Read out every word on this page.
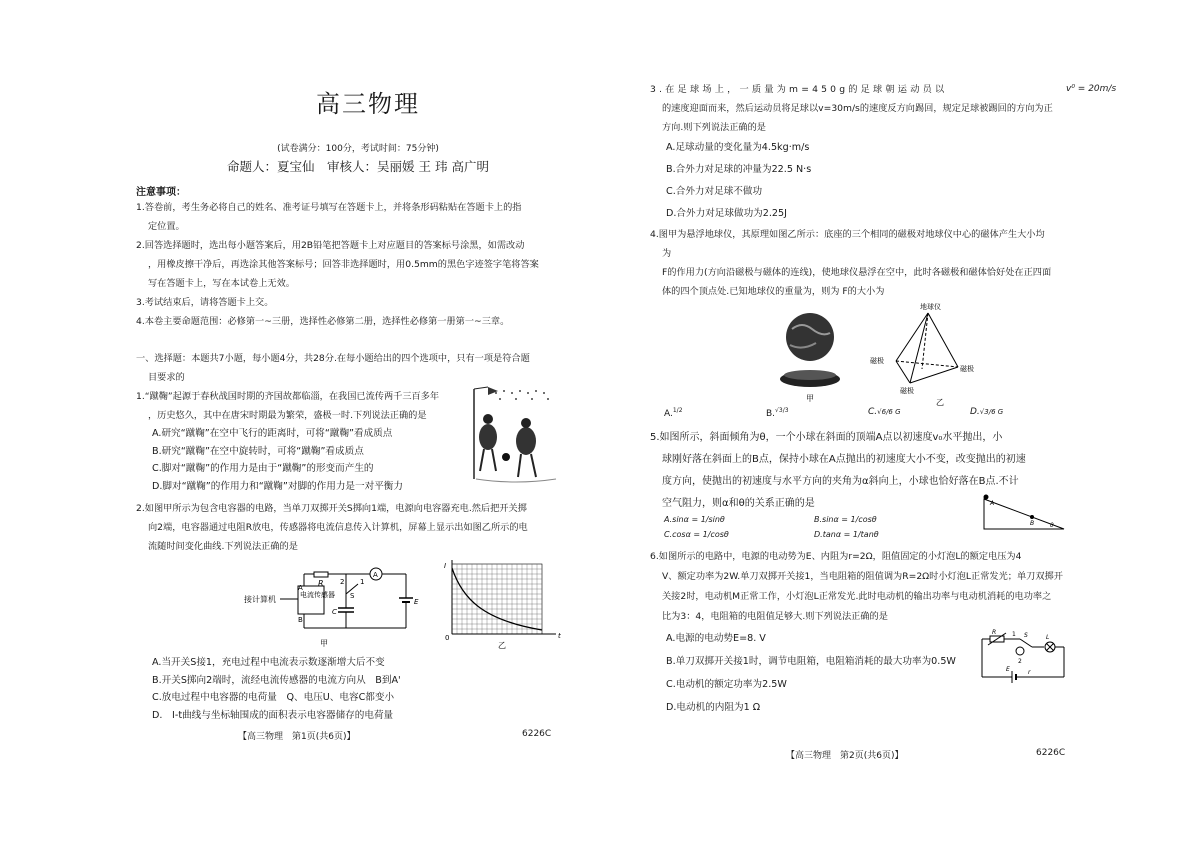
高三物理
(试卷满分：100分，考试时间：75分钟)
命题人：夏宝仙　审核人：吴丽媛 王 玮 高广明
注意事项：
1.答卷前，考生务必将自己的姓名、准考证号填写在答题卡上，并将条形码粘贴在答题卡上的指
定位置。
2.回答选择题时，选出每小题答案后，用2B铅笔把答题卡上对应题目的答案标号涂黑，如需改动
，用橡皮擦干净后，再选涂其他答案标号；回答非选择题时，用0.5mm的黑色字迹签字笔将答案
写在答题卡上，写在本试卷上无效。
3.考试结束后，请将答题卡上交。
4.本卷主要命题范围：必修第一~三册，选择性必修第二册，选择性必修第一册第一~三章。
一、选择题：本题共7小题，每小题4分，共28分.在每小题给出的四个选项中，只有一项是符合题
目要求的
1.“蹴鞠”起源于春秋战国时期的齐国故都临淄，在我国已流传两千三百多年
，历史悠久，其中在唐宋时期最为繁荣，盛极一时.下列说法正确的是
A.研究“蹴鞠”在空中飞行的距离时，可将“蹴鞠”看成质点
B.研究“蹴鞠”在空中旋转时，可将“蹴鞠”看成质点
C.脚对“蹴鞠”的作用力是由于“蹴鞠”的形变而产生的
D.脚对“蹴鞠”的作用力和“蹴鞠”对脚的作用力是一对平衡力
2.如图甲所示为包含电容器的电路，当单刀双掷开关S掷向1端，电源向电容器充电.然后把开关掷
向2端，电容器通过电阻R放电，传感器将电流信息传入计算机，屏幕上显示出如图乙所示的电
流随时间变化曲线.下列说法正确的是
接计算机	电流传感器
R
A
B
2 1
S
C
A
E
甲
I
t
0
乙
A.当开关S接1，充电过程中电流表示数逐渐增大后不变
B.开关S掷向2端时，流经电流传感器的电流方向从　B到A'
C.放电过程中电容器的电荷量　Q、电压U、电容C都变小
D.　I-t曲线与坐标轴围成的面积表示电容器储存的电荷量
【高三物理　第1页(共6页)】	6226C
3.在足球场上，一质量为m=450g的足球朝运动员以	v⁰ = 20m/s
的速度迎面而来，然后运动员将足球以v=30m/s的速度反方向踢回，规定足球被踢回的方向为正
方向.则下列说法正确的是
A.足球动量的变化量为4.5kg·m/s
B.合外力对足球的冲量为22.5 N·s
C.合外力对足球不做功
D.合外力对足球做功为2.25J
4.图甲为悬浮地球仪，其原理如图乙所示：底座的三个相同的磁极对地球仪中心的磁体产生大小均
为
F的作用力(方向沿磁极与磁体的连线)，使地球仪悬浮在空中，此时各磁极和磁体恰好处在正四面
体的四个顶点处.已知地球仪的重量为，则为 F的大小为
甲
地球仪
磁极
磁极
磁极
乙
A.$^{1/2}$	B.$^{√3/3}$	C.√6/6 G	D.√3/6 G
5.如图所示，斜面倾角为θ，一个小球在斜面的顶端A点以初速度v₀水平抛出，小
球刚好落在斜面上的B点，保持小球在A点抛出的初速度大小不变，改变抛出的初速
度方向，使抛出的初速度与水平方向的夹角为α斜向上，小球也恰好落在B点.不计
空气阻力，则α和θ的关系正确的是
A.sinα = 1/sinθ	B.sinα = 1/cosθ
C.cosα = 1/cosθ	D.tanα = 1/tanθ
A
B	θ
6.如图所示的电路中，电源的电动势为E、内阻为r=2Ω，阻值固定的小灯泡L的额定电压为4
V、额定功率为2W.单刀双掷开关接1，当电阻箱的阻值调为R=2Ω时小灯泡L正常发光；单刀双掷开
关接2时，电动机M正常工作，小灯泡L正常发光.此时电动机的输出功率与电动机消耗的电功率之
比为3：4，电阻箱的电阻值足够大.则下列说法正确的是
A.电源的电动势E=8. V
B.单刀双掷开关接1时，调节电阻箱，电阻箱消耗的最大功率为0.5W
C.电动机的额定功率为2.5W
D.电动机的内阻为1 Ω
R	1 S
2
L
E	r
【高三物理　第2页(共6页)】	6226C
